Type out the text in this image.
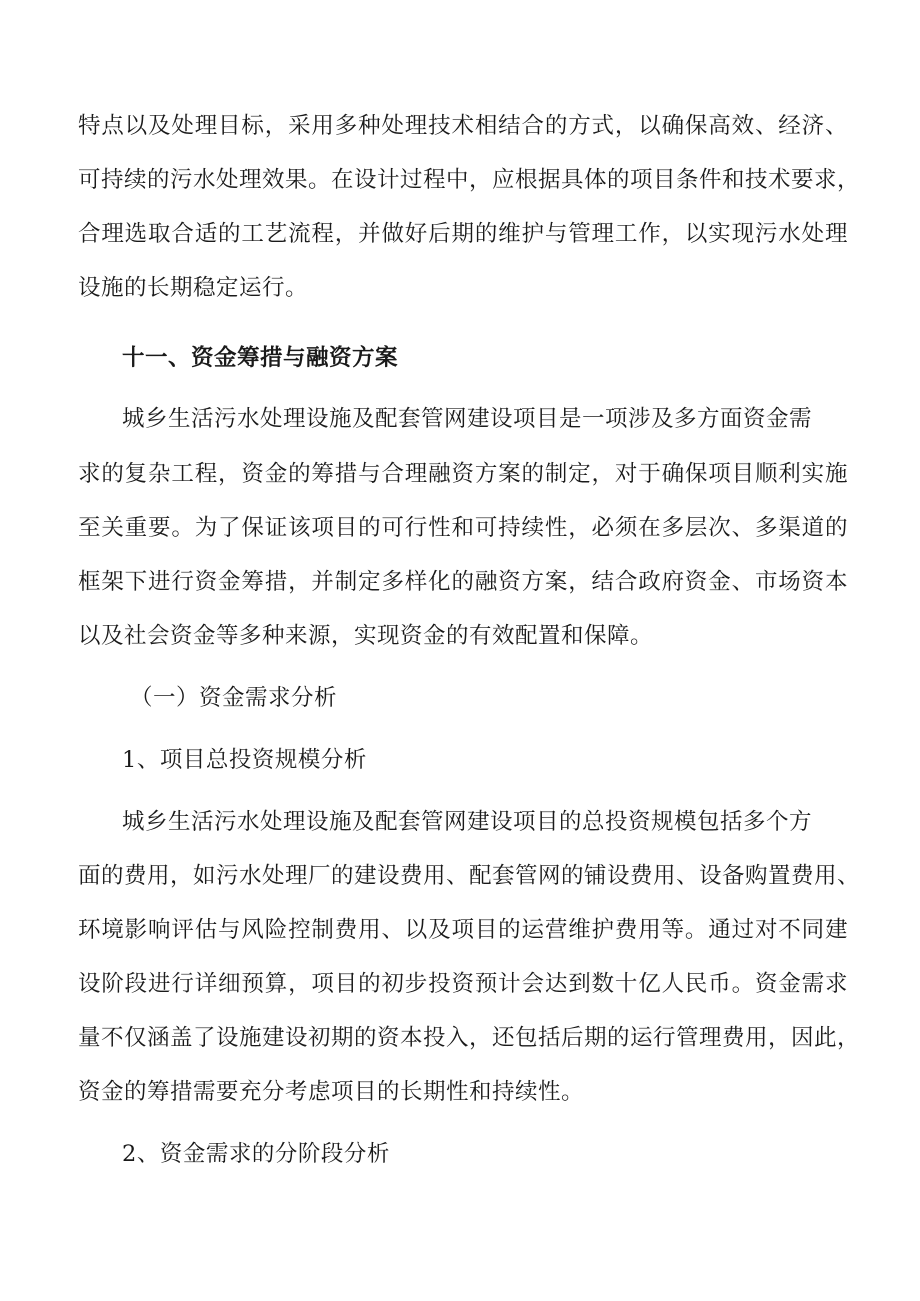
特点以及处理目标，采用多种处理技术相结合的方式，以确保高效、经济、
可持续的污水处理效果。在设计过程中，应根据具体的项目条件和技术要求，
合理选取合适的工艺流程，并做好后期的维护与管理工作，以实现污水处理
设施的长期稳定运行。
十一、资金筹措与融资方案
城乡生活污水处理设施及配套管网建设项目是一项涉及多方面资金需
求的复杂工程，资金的筹措与合理融资方案的制定，对于确保项目顺利实施
至关重要。为了保证该项目的可行性和可持续性，必须在多层次、多渠道的
框架下进行资金筹措，并制定多样化的融资方案，结合政府资金、市场资本
以及社会资金等多种来源，实现资金的有效配置和保障。
（一）资金需求分析
1、项目总投资规模分析
城乡生活污水处理设施及配套管网建设项目的总投资规模包括多个方
面的费用，如污水处理厂的建设费用、配套管网的铺设费用、设备购置费用、
环境影响评估与风险控制费用、以及项目的运营维护费用等。通过对不同建
设阶段进行详细预算，项目的初步投资预计会达到数十亿人民币。资金需求
量不仅涵盖了设施建设初期的资本投入，还包括后期的运行管理费用，因此，
资金的筹措需要充分考虑项目的长期性和持续性。
2、资金需求的分阶段分析
